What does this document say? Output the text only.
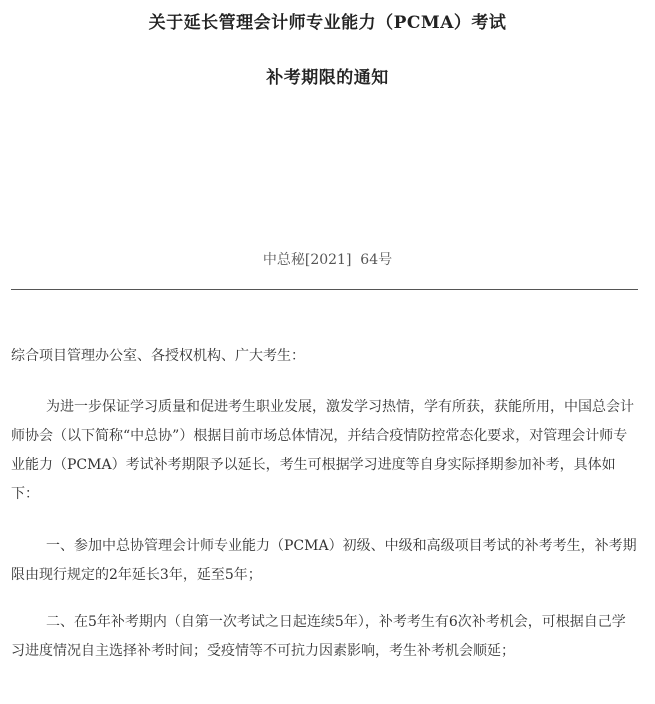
关于延长管理会计师专业能力（PCMA）考试
补考期限的通知
中总秘[2021]  64号
综合项目管理办公室、各授权机构、广大考生：
为进一步保证学习质量和促进考生职业发展，激发学习热情，学有所获，获能所用，中国总会计师协会（以下简称“中总协”）根据目前市场总体情况，并结合疫情防控常态化要求，对管理会计师专业能力（PCMA）考试补考期限予以延长，考生可根据学习进度等自身实际择期参加补考，具体如下：
一、参加中总协管理会计师专业能力（PCMA）初级、中级和高级项目考试的补考考生，补考期限由现行规定的2年延长3年，延至5年；
二、在5年补考期内（自第一次考试之日起连续5年），补考考生有6次补考机会，可根据自己学习进度情况自主选择补考时间；受疫情等不可抗力因素影响，考生补考机会顺延；
